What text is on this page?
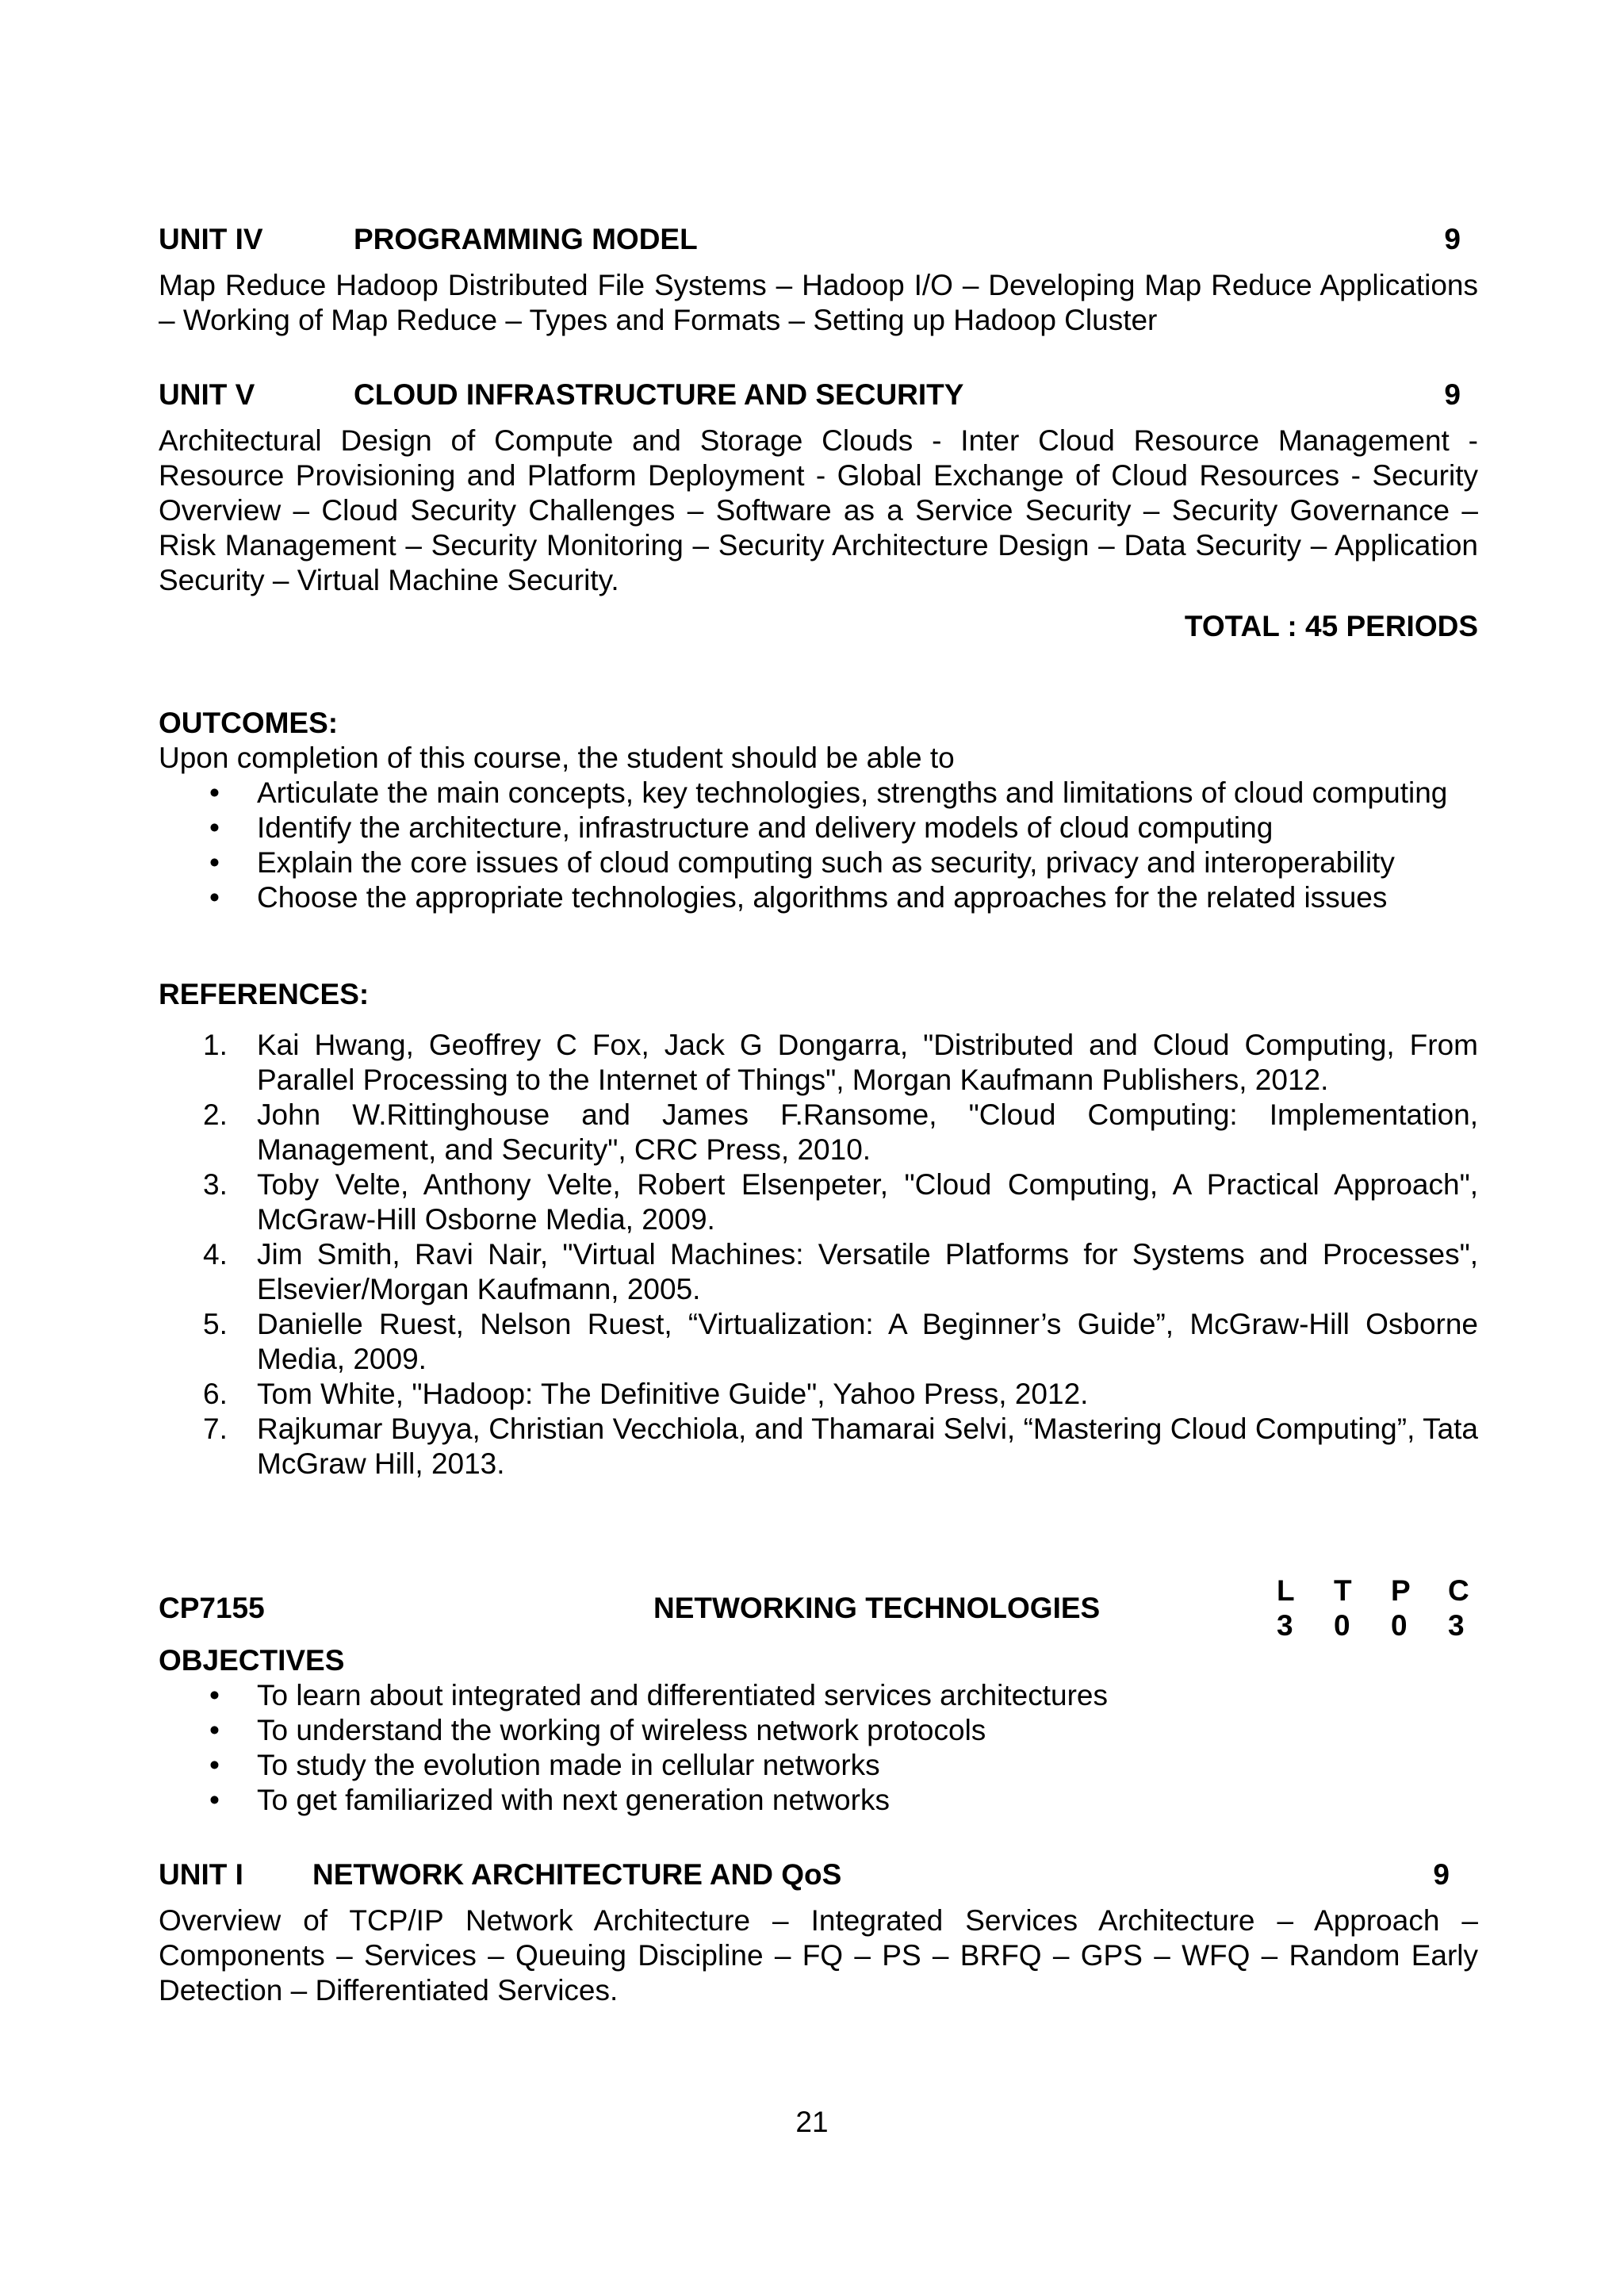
UNIT IV	PROGRAMMING MODEL	9

Map Reduce Hadoop Distributed File Systems – Hadoop I/O – Developing Map Reduce Applications – Working of Map Reduce – Types and Formats – Setting up Hadoop Cluster

UNIT V	CLOUD INFRASTRUCTURE AND SECURITY	9

Architectural Design of Compute and Storage Clouds - Inter Cloud Resource Management - Resource Provisioning and Platform Deployment - Global Exchange of Cloud Resources - Security Overview – Cloud Security Challenges – Software as a Service Security – Security Governance – Risk Management – Security Monitoring – Security Architecture Design – Data Security – Application Security – Virtual Machine Security.

TOTAL : 45 PERIODS
OUTCOMES:
Upon completion of this course, the student should be able to
• Articulate the main concepts, key technologies, strengths and limitations of cloud computing
• Identify the architecture, infrastructure and delivery models of cloud computing
• Explain the core issues of cloud computing such as security, privacy and interoperability
• Choose the appropriate technologies, algorithms and approaches for the related issues
REFERENCES:
1. Kai Hwang, Geoffrey C Fox, Jack G Dongarra, "Distributed and Cloud Computing, From Parallel Processing to the Internet of Things", Morgan Kaufmann Publishers, 2012.
2. John W.Rittinghouse and James F.Ransome, "Cloud Computing: Implementation, Management, and Security", CRC Press, 2010.
3. Toby Velte, Anthony Velte, Robert Elsenpeter, "Cloud Computing, A Practical Approach", McGraw-Hill Osborne Media, 2009.
4. Jim Smith, Ravi Nair, "Virtual Machines: Versatile Platforms for Systems and Processes", Elsevier/Morgan Kaufmann, 2005.
5. Danielle Ruest, Nelson Ruest, “Virtualization: A Beginner’s Guide”, McGraw-Hill Osborne Media, 2009.
6. Tom White, "Hadoop: The Definitive Guide", Yahoo Press, 2012.
7. Rajkumar Buyya, Christian Vecchiola, and Thamarai Selvi, “Mastering Cloud Computing”, Tata McGraw Hill, 2013.
CP7155	NETWORKING TECHNOLOGIES
L	T	P	C
3	0	0	3
OBJECTIVES
• To learn about integrated and differentiated services architectures
• To understand the working of wireless network protocols
• To study the evolution made in cellular networks
• To get familiarized with next generation networks
UNIT I	NETWORK ARCHITECTURE AND QoS	9

Overview of TCP/IP Network Architecture – Integrated Services Architecture – Approach – Components – Services – Queuing Discipline – FQ – PS – BRFQ – GPS – WFQ – Random Early Detection – Differentiated Services.

21
